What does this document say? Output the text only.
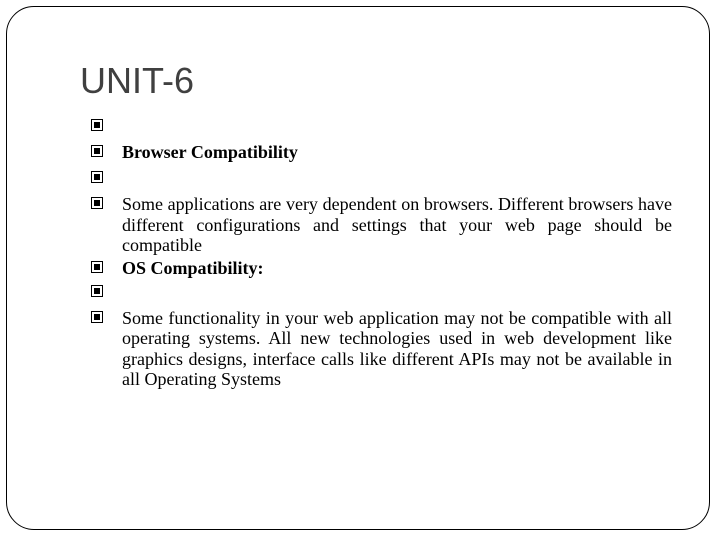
UNIT-6
Browser Compatibility
Some applications are very dependent on browsers. Different browsers have different configurations and settings that your web page should be compatible
OS Compatibility:
Some functionality in your web application may not be compatible with all operating systems. All new technologies used in web development like graphics designs, interface calls like different APIs may not be available in all Operating Systems
